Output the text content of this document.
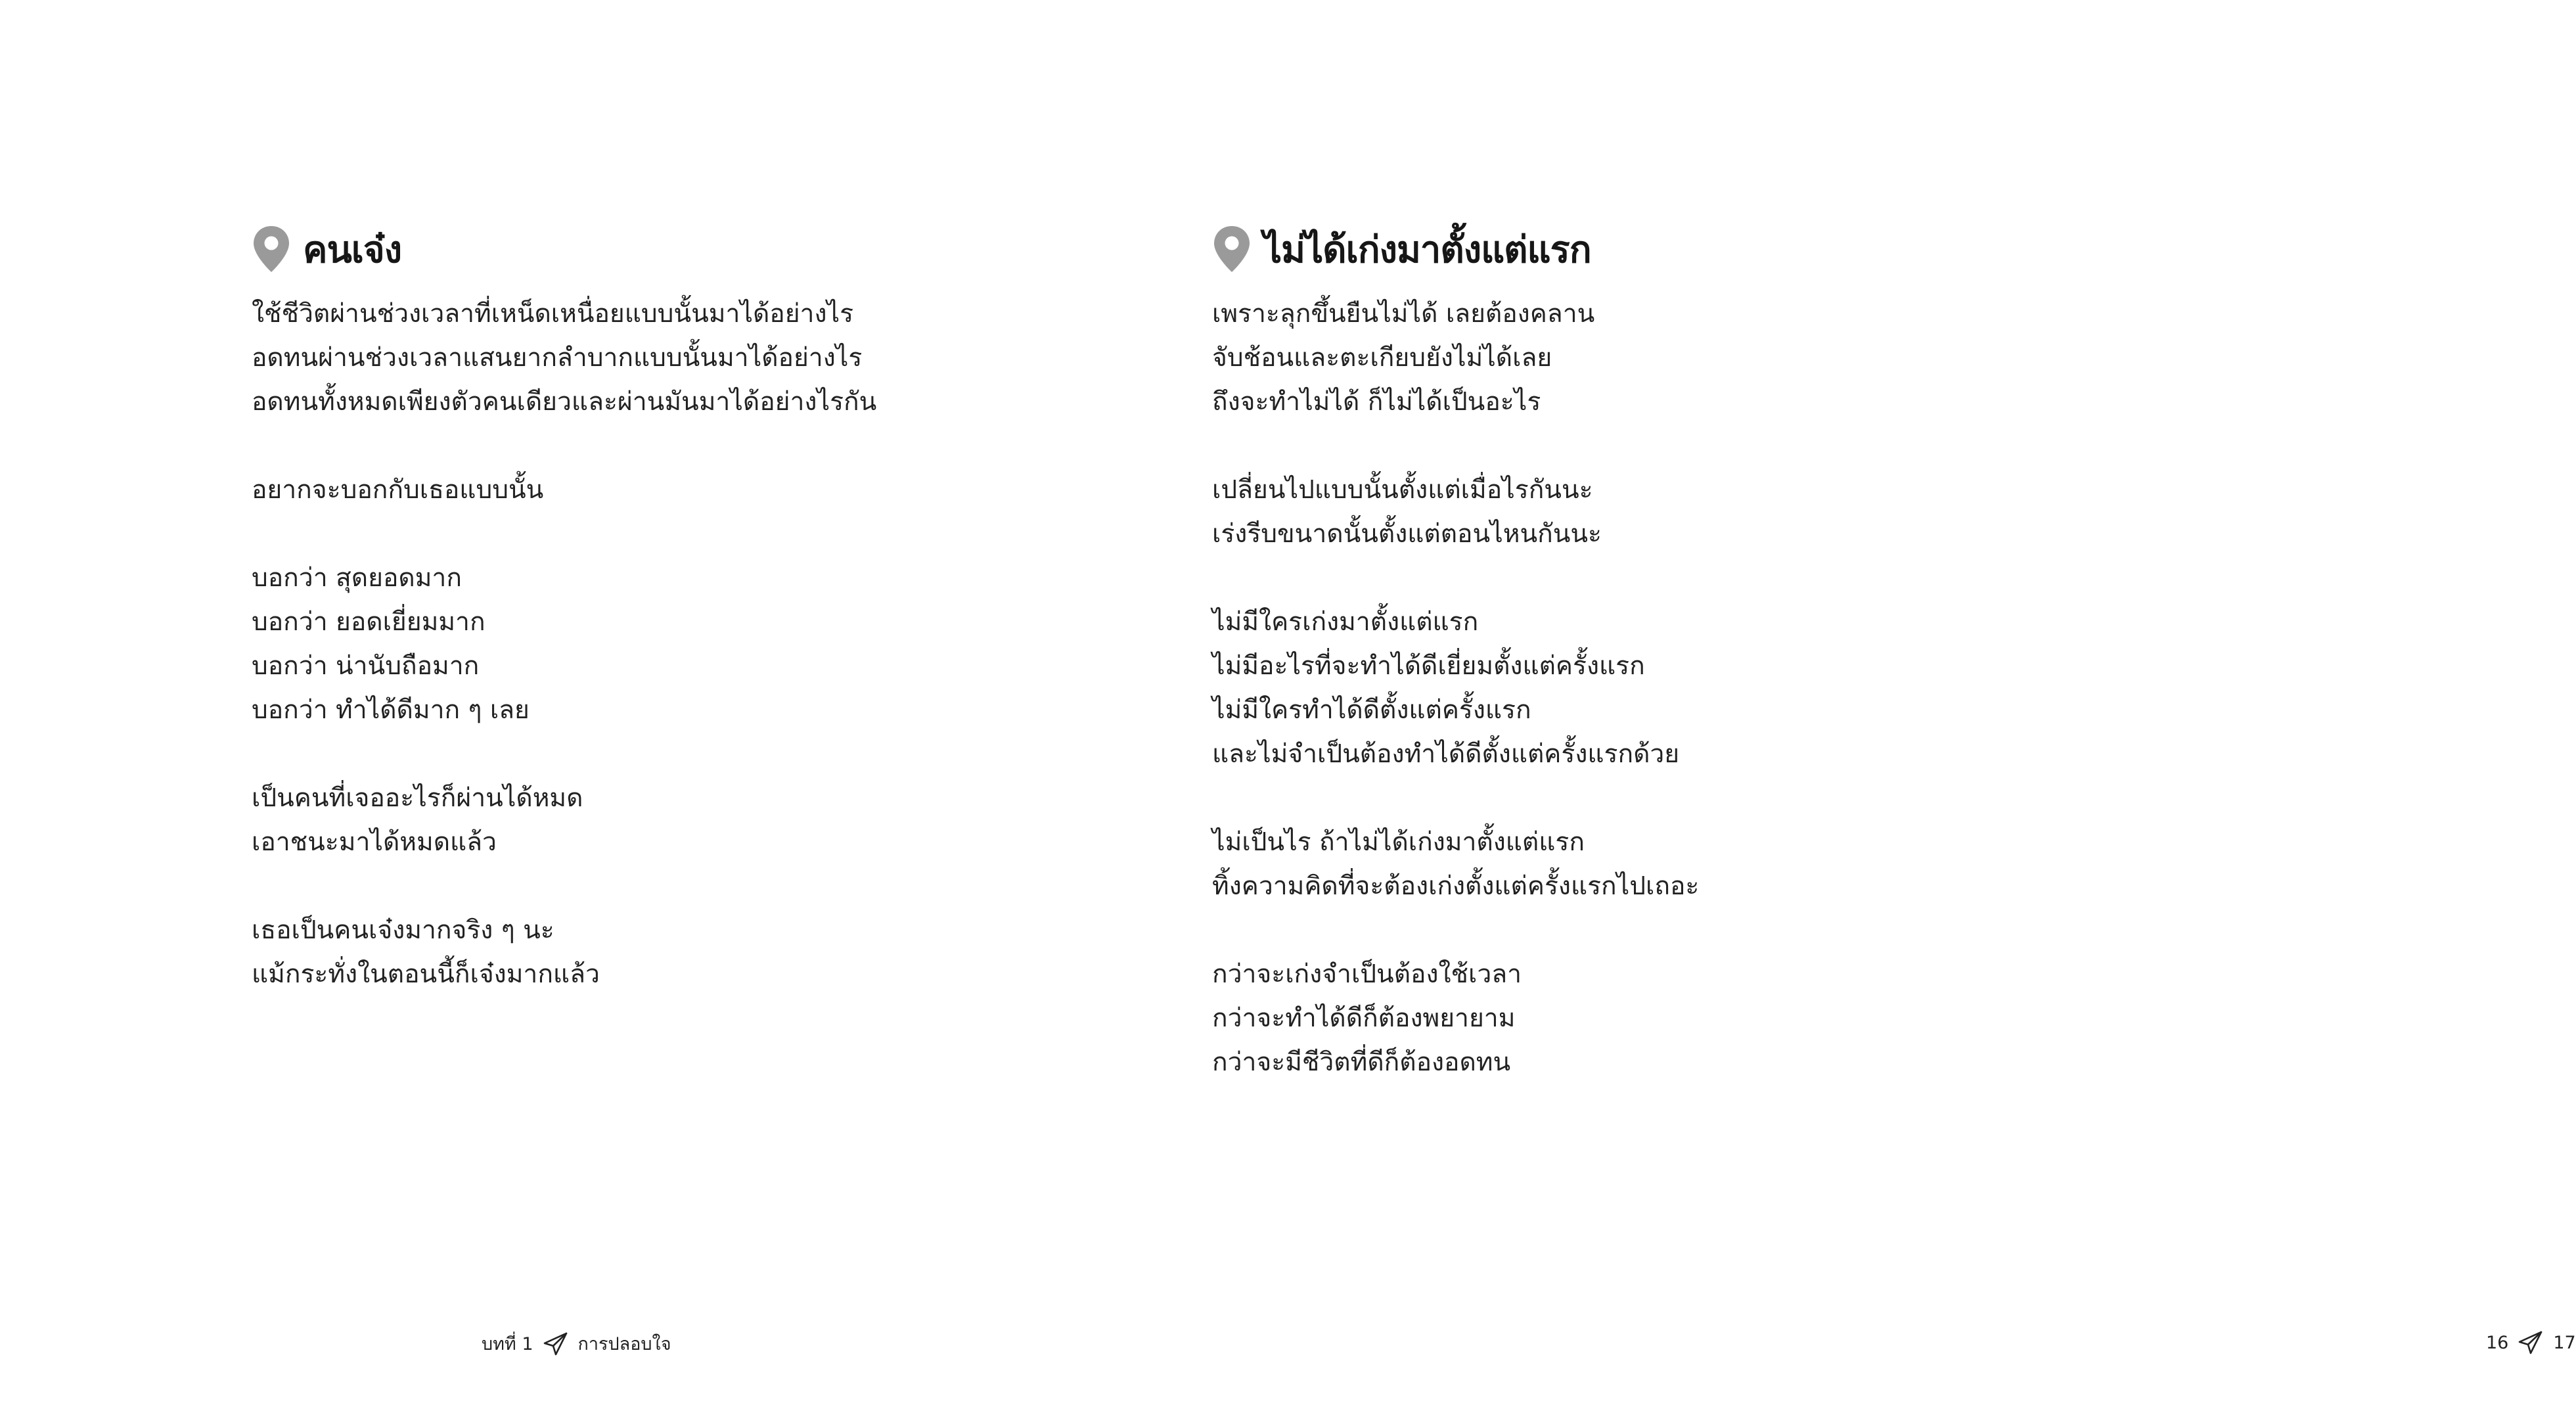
คนเจ๋ง
ใช้ชีวิตผ่านช่วงเวลาที่เหน็ดเหนื่อยแบบนั้นมาได้อย่างไร
อดทนผ่านช่วงเวลาแสนยากลำบากแบบนั้นมาได้อย่างไร
อดทนทั้งหมดเพียงตัวคนเดียวและผ่านมันมาได้อย่างไรกัน
อยากจะบอกกับเธอแบบนั้น
บอกว่า สุดยอดมาก
บอกว่า ยอดเยี่ยมมาก
บอกว่า น่านับถือมาก
บอกว่า ทำได้ดีมาก ๆ เลย
เป็นคนที่เจออะไรก็ผ่านได้หมด
เอาชนะมาได้หมดแล้ว
เธอเป็นคนเจ๋งมากจริง ๆ นะ
แม้กระทั่งในตอนนี้ก็เจ๋งมากแล้ว
บทที่ 1	การปลอบใจ
ไม่ได้เก่งมาตั้งแต่แรก
เพราะลุกขึ้นยืนไม่ได้ เลยต้องคลาน
จับช้อนและตะเกียบยังไม่ได้เลย
ถึงจะทำไม่ได้ ก็ไม่ได้เป็นอะไร
เปลี่ยนไปแบบนั้นตั้งแต่เมื่อไรกันนะ
เร่งรีบขนาดนั้นตั้งแต่ตอนไหนกันนะ
ไม่มีใครเก่งมาตั้งแต่แรก
ไม่มีอะไรที่จะทำได้ดีเยี่ยมตั้งแต่ครั้งแรก
ไม่มีใครทำได้ดีตั้งแต่ครั้งแรก
และไม่จำเป็นต้องทำได้ดีตั้งแต่ครั้งแรกด้วย
ไม่เป็นไร ถ้าไม่ได้เก่งมาตั้งแต่แรก
ทิ้งความคิดที่จะต้องเก่งตั้งแต่ครั้งแรกไปเถอะ
กว่าจะเก่งจำเป็นต้องใช้เวลา
กว่าจะทำได้ดีก็ต้องพยายาม
กว่าจะมีชีวิตที่ดีก็ต้องอดทน
16	17
